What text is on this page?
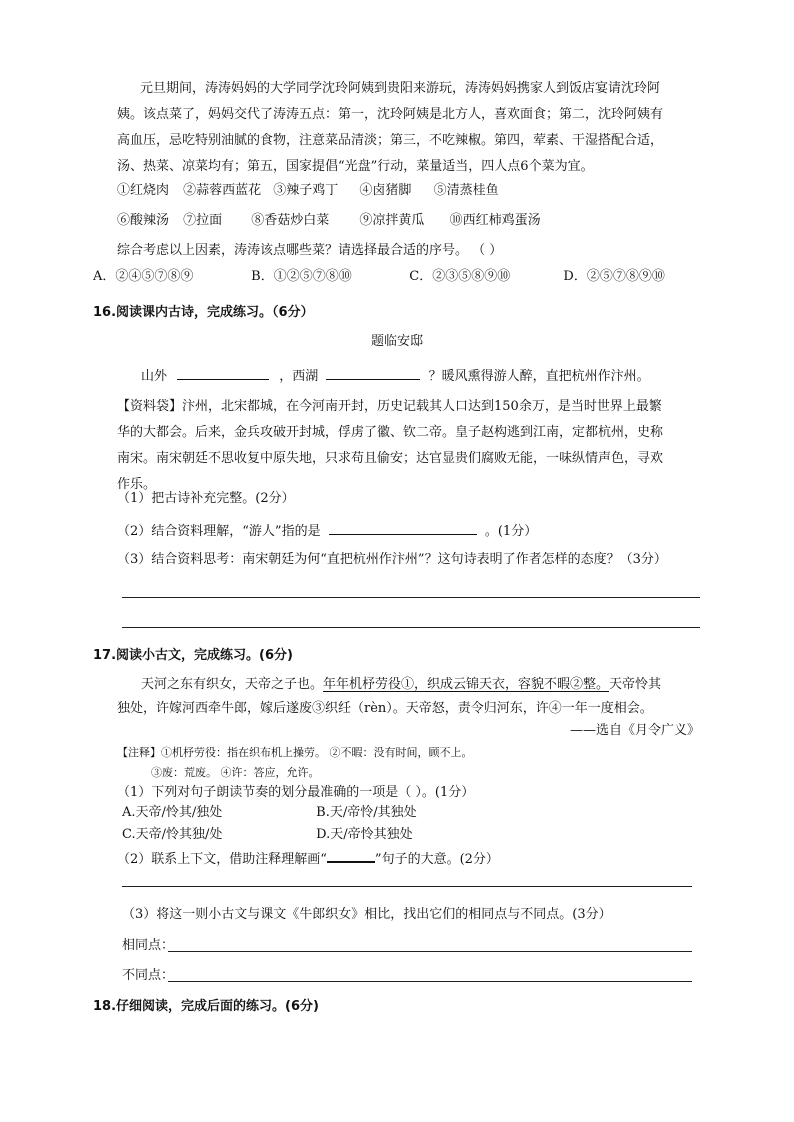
元旦期间，涛涛妈妈的大学同学沈玲阿姨到贵阳来游玩，涛涛妈妈携家人到饭店宴请沈玲阿
姨。该点菜了，妈妈交代了涛涛五点：第一，沈玲阿姨是北方人，喜欢面食；第二，沈玲阿姨有
高血压，忌吃特别油腻的食物，注意菜品清淡；第三，不吃辣椒。第四，荤素、干湿搭配合适，
汤、热菜、凉菜均有；第五，国家提倡“光盘”行动，菜量适当，四人点6个菜为宜。
①红烧肉 ②蒜蓉西蓝花 ③辣子鸡丁 ④卤猪脚 ⑤清蒸桂鱼
⑥酸辣汤 ⑦拉面 ⑧香菇炒白菜 ⑨凉拌黄瓜 ⑩西红柿鸡蛋汤
综合考虑以上因素，涛涛该点哪些菜？请选择最合适的序号。 （ ）
A．②④⑤⑦⑧⑨	B．①②⑤⑦⑧⑩	C．②③⑤⑧⑨⑩	D．②⑤⑦⑧⑨⑩
16.阅读课内古诗，完成练习。（6分）
题临安邸
山外	，西湖	？暖风熏得游人醉，直把杭州作汴州。
【资料袋】汴州，北宋都城，在今河南开封，历史记载其人口达到150余万，是当时世界上最繁
华的大都会。后来，金兵攻破开封城，俘虏了徽、钦二帝。皇子赵构逃到江南，定都杭州，史称
南宋。南宋朝廷不思收复中原失地，只求苟且偷安；达官显贵们腐败无能，一味纵情声色，寻欢
作乐。
（1）把古诗补充完整。(2分）
（2）结合资料理解，“游人”指的是	。(1分）
（3）结合资料思考：南宋朝廷为何“直把杭州作汴州”？这句诗表明了作者怎样的态度？（3分）
17.阅读小古文，完成练习。(6分)
天河之东有织女，天帝之子也。年年机杼劳役①，织成云锦天衣，容貌不暇②整。天帝怜其
独处，许嫁河西牵牛郎，嫁后遂废③织纴（rèn）。天帝怒，责令归河东，许④一年一度相会。
——选自《月令广义》
【注释】①机杼劳役：指在织布机上操劳。 ②不暇：没有时间，顾不上。
③废：荒废。 ④许：答应，允许。
（1）下列对句子朗读节奏的划分最准确的一项是（ ）。(1分）
A.天帝/怜其/独处	B.天/帝怜/其独处
C.天帝/怜其独/处	D.天/帝怜其独处
（2）联系上下文，借助注释理解画“	”句子的大意。(2分）
（3）将这一则小古文与课文《牛郎织女》相比，找出它们的相同点与不同点。(3分）
相同点：
不同点：
18.仔细阅读，完成后面的练习。(6分)
